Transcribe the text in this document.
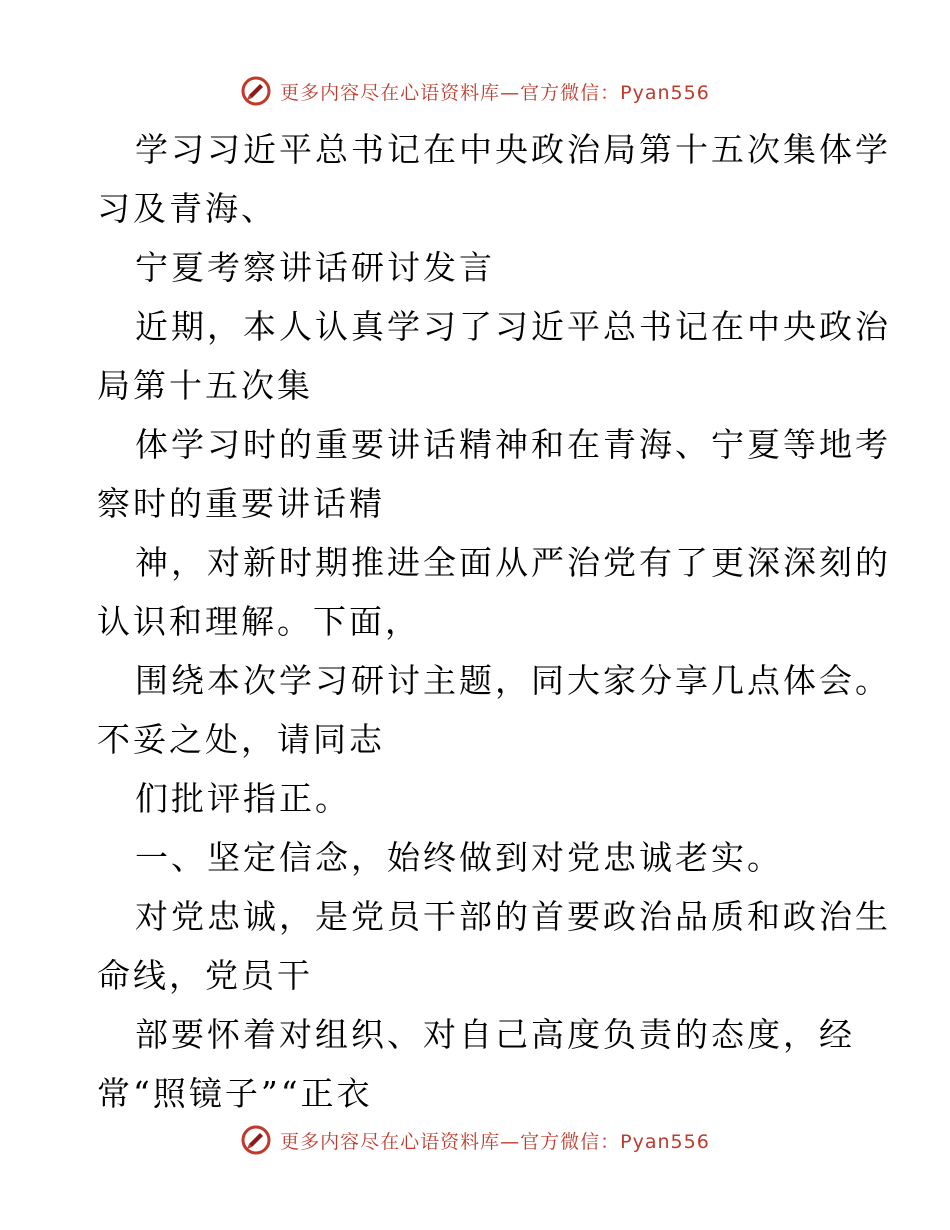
更多内容尽在心语资料库—官方微信：Pyan556
学习习近平总书记在中央政治局第十五次集体学
习及青海、
宁夏考察讲话研讨发言
近期，本人认真学习了习近平总书记在中央政治
局第十五次集
体学习时的重要讲话精神和在青海、宁夏等地考
察时的重要讲话精
神，对新时期推进全面从严治党有了更深深刻的
认识和理解。下面，
围绕本次学习研讨主题，同大家分享几点体会。
不妥之处，请同志
们批评指正。
一、坚定信念，始终做到对党忠诚老实。
对党忠诚，是党员干部的首要政治品质和政治生
命线，党员干
部要怀着对组织、对自己高度负责的态度，经
常“照镜子”“正衣
更多内容尽在心语资料库—官方微信：Pyan556
